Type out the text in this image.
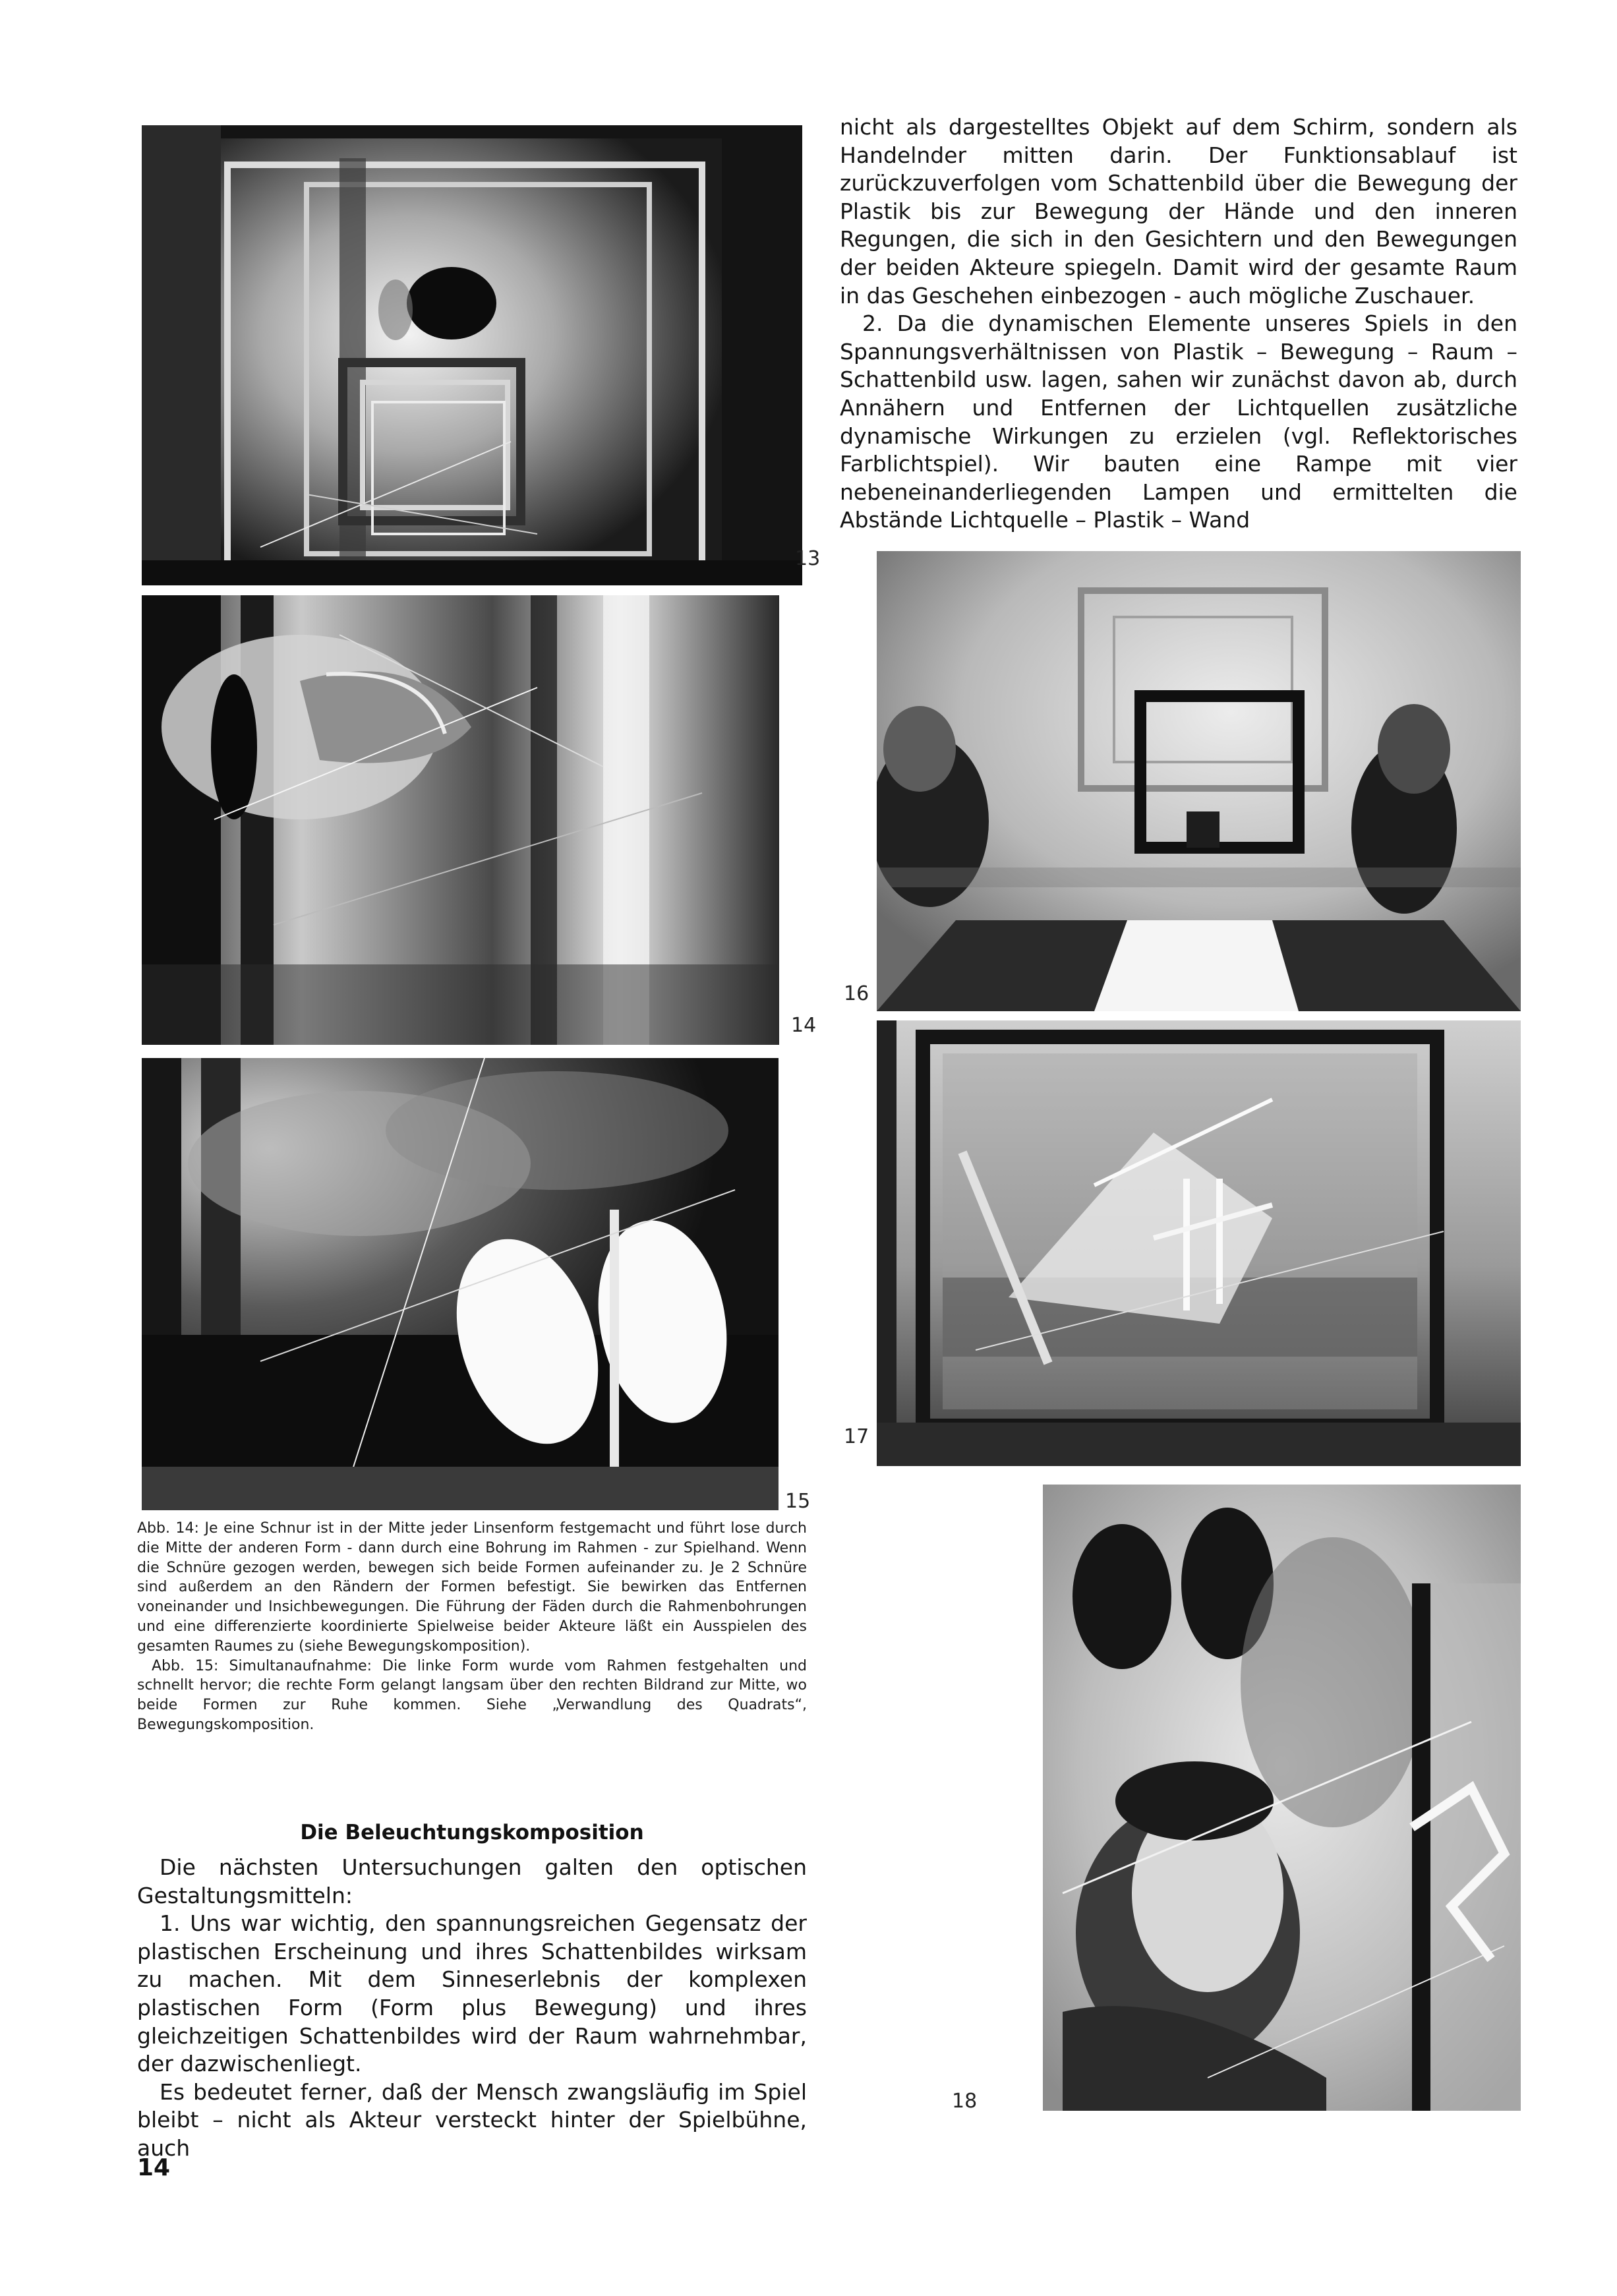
13
14
15

nicht als dargestelltes Objekt auf dem Schirm, sondern als Handelnder mitten darin. Der Funktionsablauf ist zurückzuverfolgen vom Schattenbild über die Bewegung der Plastik bis zur Bewegung der Hände und den inneren Regungen, die sich in den Gesichtern und den Bewegungen der beiden Akteure spiegeln. Damit wird der gesamte Raum in das Geschehen einbezogen - auch mögliche Zuschauer.

2. Da die dynamischen Elemente unseres Spiels in den Spannungsverhältnissen von Plastik – Bewegung – Raum – Schattenbild usw. lagen, sahen wir zunächst davon ab, durch Annähern und Entfernen der Lichtquellen zusätzliche dynamische Wirkungen zu erzielen (vgl. Reflektorisches Farblichtspiel). Wir bauten eine Rampe mit vier nebeneinanderliegenden Lampen und ermittelten die Abstände Lichtquelle – Plastik – Wand

16
17
18

Abb. 14: Je eine Schnur ist in der Mitte jeder Linsenform festgemacht und führt lose durch die Mitte der anderen Form - dann durch eine Bohrung im Rahmen - zur Spielhand. Wenn die Schnüre gezogen werden, bewegen sich beide Formen aufeinander zu. Je 2 Schnüre sind außerdem an den Rändern der Formen befestigt. Sie bewirken das Entfernen voneinander und Insichbewegungen. Die Führung der Fäden durch die Rahmenbohrungen und eine differenzierte koordinierte Spielweise beider Akteure läßt ein Ausspielen des gesamten Raumes zu (siehe Bewegungskomposition).

Abb. 15: Simultanaufnahme: Die linke Form wurde vom Rahmen festgehalten und schnellt hervor; die rechte Form gelangt langsam über den rechten Bildrand zur Mitte, wo beide Formen zur Ruhe kommen. Siehe „Verwandlung des Quadrats“, Bewegungskomposition.

Die Beleuchtungskomposition

Die nächsten Untersuchungen galten den optischen Gestaltungsmitteln:

1. Uns war wichtig, den spannungsreichen Gegensatz der plastischen Erscheinung und ihres Schattenbildes wirksam zu machen. Mit dem Sinneserlebnis der komplexen plastischen Form (Form plus Bewegung) und ihres gleichzeitigen Schattenbildes wird der Raum wahrnehmbar, der dazwischenliegt.

Es bedeutet ferner, daß der Mensch zwangsläufig im Spiel bleibt – nicht als Akteur versteckt hinter der Spielbühne, auch

14
